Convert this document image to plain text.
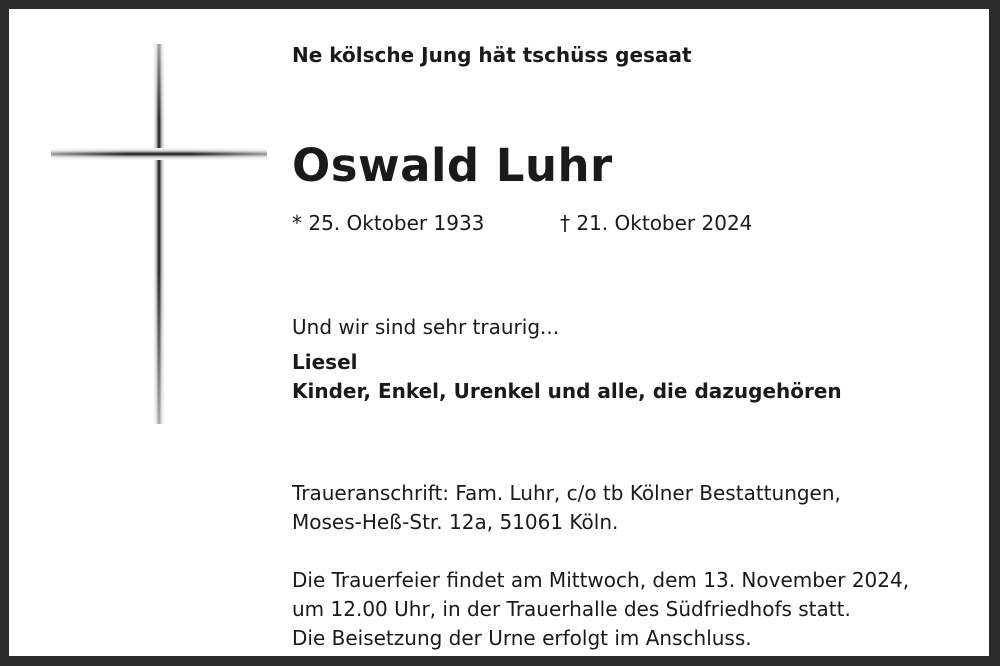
Ne kölsche Jung hät tschüss gesaat
Oswald Luhr
* 25. Oktober 1933	† 21. Oktober 2024
Und wir sind sehr traurig...
Liesel
Kinder, Enkel, Urenkel und alle, die dazugehören
Traueranschrift: Fam. Luhr, c/o tb Kölner Bestattungen,
Moses-Heß-Str. 12a, 51061 Köln.
Die Trauerfeier findet am Mittwoch, dem 13. November 2024,
um 12.00 Uhr, in der Trauerhalle des Südfriedhofs statt.
Die Beisetzung der Urne erfolgt im Anschluss.
